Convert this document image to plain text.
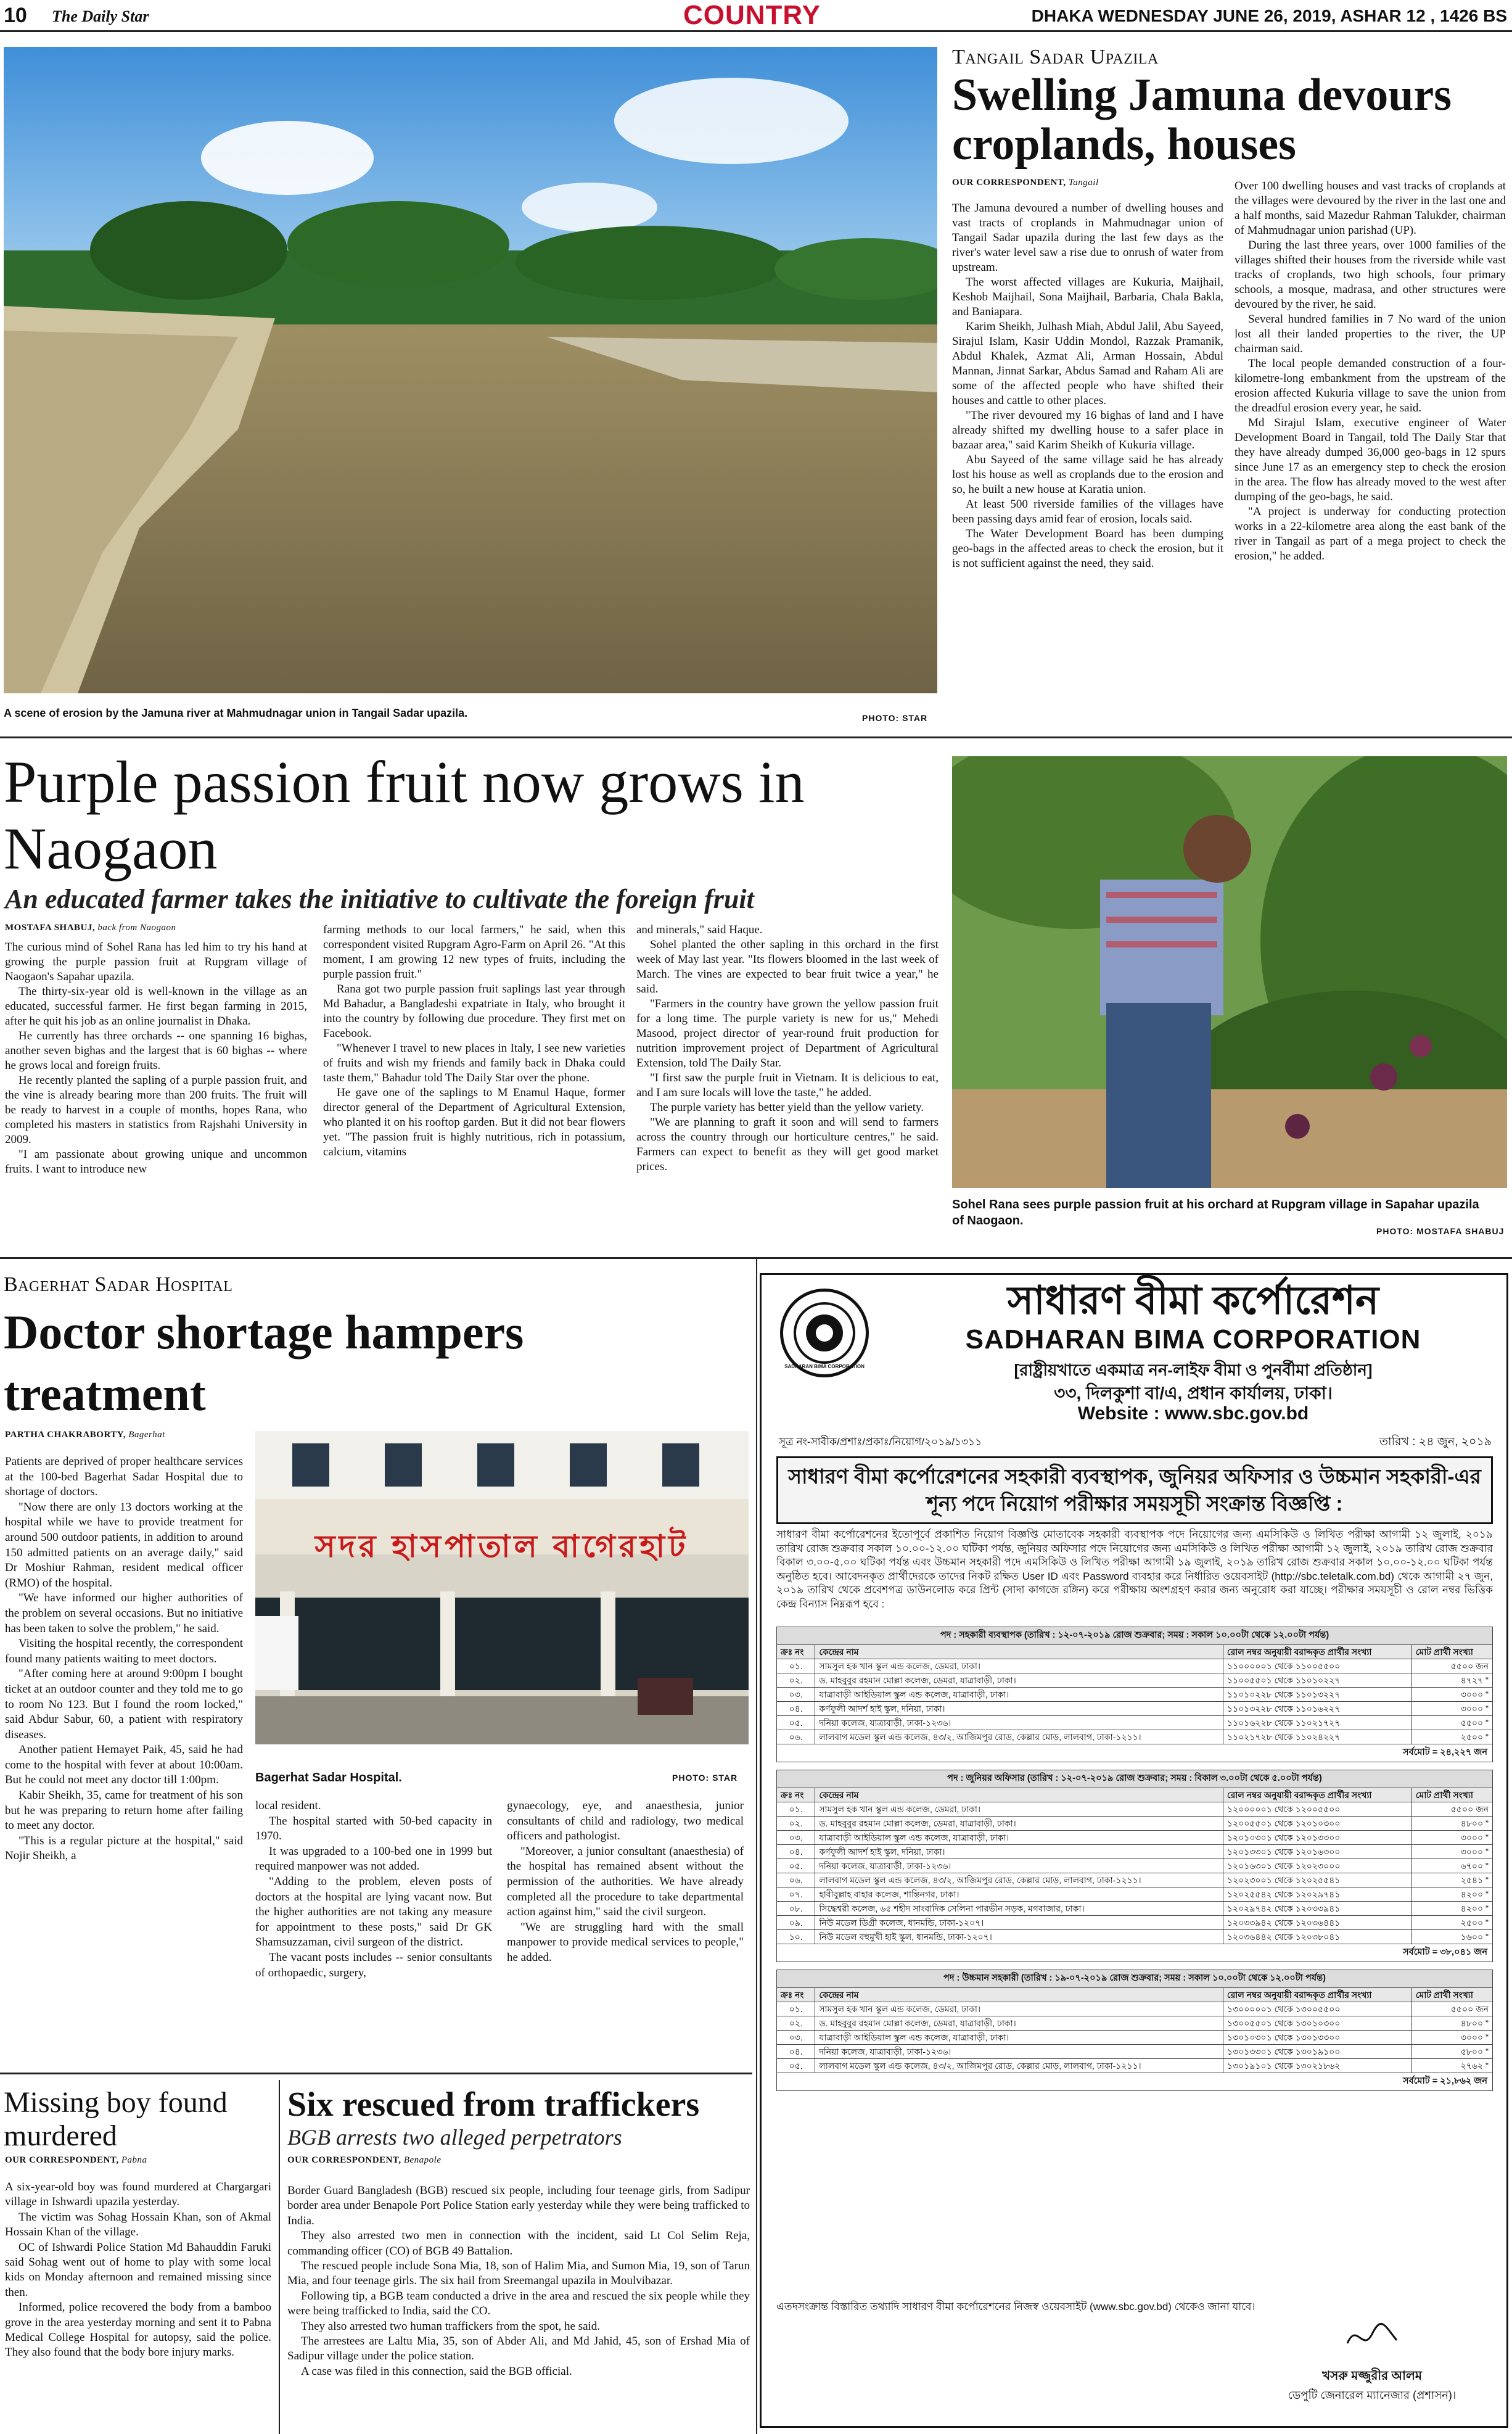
10 The Daily Star	COUNTRY	DHAKA WEDNESDAY JUNE 26, 2019, ASHAR 12 , 1426 BS
A scene of erosion by the Jamuna river at Mahmudnagar union in Tangail Sadar upazila.	PHOTO: STAR
Tangail Sadar Upazila
Swelling Jamuna devours croplands, houses
OUR CORRESPONDENT, Tangail

The Jamuna devoured a number of dwelling houses and vast tracts of croplands in Mahmudnagar union of Tangail Sadar upazila during the last few days as the river's water level saw a rise due to onrush of water from upstream.

The worst affected villages are Kukuria, Maijhail, Keshob Maijhail, Sona Maijhail, Barbaria, Chala Bakla, and Baniapara.

Karim Sheikh, Julhash Miah, Abdul Jalil, Abu Sayeed, Sirajul Islam, Kasir Uddin Mondol, Razzak Pramanik, Abdul Khalek, Azmat Ali, Arman Hossain, Abdul Mannan, Jinnat Sarkar, Abdus Samad and Raham Ali are some of the affected people who have shifted their houses and cattle to other places.

"The river devoured my 16 bighas of land and I have already shifted my dwelling house to a safer place in bazaar area," said Karim Sheikh of Kukuria village.

Abu Sayeed of the same village said he has already lost his house as well as croplands due to the erosion and so, he built a new house at Karatia union.

At least 500 riverside families of the villages have been passing days amid fear of erosion, locals said.

The Water Development Board has been dumping geo-bags in the affected areas to check the erosion, but it is not sufficient against the need, they said.

Over 100 dwelling houses and vast tracks of croplands at the villages were devoured by the river in the last one and a half months, said Mazedur Rahman Talukder, chairman of Mahmudnagar union parishad (UP).

During the last three years, over 1000 families of the villages shifted their houses from the riverside while vast tracks of croplands, two high schools, four primary schools, a mosque, madrasa, and other structures were devoured by the river, he said.

Several hundred families in 7 No ward of the union lost all their landed properties to the river, the UP chairman said.

The local people demanded construction of a four-kilometre-long embankment from the upstream of the erosion affected Kukuria village to save the union from the dreadful erosion every year, he said.

Md Sirajul Islam, executive engineer of Water Development Board in Tangail, told The Daily Star that they have already dumped 36,000 geo-bags in 12 spurs since June 17 as an emergency step to check the erosion in the area. The flow has already moved to the west after dumping of the geo-bags, he said.

"A project is underway for conducting protection works in a 22-kilometre area along the east bank of the river in Tangail as part of a mega project to check the erosion," he added.

Purple passion fruit now grows in Naogaon
An educated farmer takes the initiative to cultivate the foreign fruit
MOSTAFA SHABUJ, back from Naogaon

The curious mind of Sohel Rana has led him to try his hand at growing the purple passion fruit at Rupgram village of Naogaon's Sapahar upazila.

The thirty-six-year old is well-known in the village as an educated, successful farmer. He first began farming in 2015, after he quit his job as an online journalist in Dhaka.

He currently has three orchards -- one spanning 16 bighas, another seven bighas and the largest that is 60 bighas -- where he grows local and foreign fruits.

He recently planted the sapling of a purple passion fruit, and the vine is already bearing more than 200 fruits. The fruit will be ready to harvest in a couple of months, hopes Rana, who completed his masters in statistics from Rajshahi University in 2009.

"I am passionate about growing unique and uncommon fruits. I want to introduce new

farming methods to our local farmers," he said, when this correspondent visited Rupgram Agro-Farm on April 26. "At this moment, I am growing 12 new types of fruits, including the purple passion fruit."

Rana got two purple passion fruit saplings last year through Md Bahadur, a Bangladeshi expatriate in Italy, who brought it into the country by following due procedure. They first met on Facebook.

"Whenever I travel to new places in Italy, I see new varieties of fruits and wish my friends and family back in Dhaka could taste them," Bahadur told The Daily Star over the phone.

He gave one of the saplings to M Enamul Haque, former director general of the Department of Agricultural Extension, who planted it on his rooftop garden. But it did not bear flowers yet. "The passion fruit is highly nutritious, rich in potassium, calcium, vitamins

and minerals," said Haque.

Sohel planted the other sapling in this orchard in the first week of May last year. "Its flowers bloomed in the last week of March. The vines are expected to bear fruit twice a year," he said.

"Farmers in the country have grown the yellow passion fruit for a long time. The purple variety is new for us," Mehedi Masood, project director of year-round fruit production for nutrition improvement project of Department of Agricultural Extension, told The Daily Star.

"I first saw the purple fruit in Vietnam. It is delicious to eat, and I am sure locals will love the taste," he added.

The purple variety has better yield than the yellow variety.

"We are planning to graft it soon and will send to farmers across the country through our horticulture centres," he said. Farmers can expect to benefit as they will get good market prices.

Sohel Rana sees purple passion fruit at his orchard at Rupgram village in Sapahar upazila of Naogaon.
PHOTO: MOSTAFA SHABUJ
Bagerhat Sadar Hospital
Doctor shortage hampers treatment
PARTHA CHAKRABORTY, Bagerhat

Patients are deprived of proper healthcare services at the 100-bed Bagerhat Sadar Hospital due to shortage of doctors.

"Now there are only 13 doctors working at the hospital while we have to provide treatment for around 500 outdoor patients, in addition to around 150 admitted patients on an average daily," said Dr Moshiur Rahman, resident medical officer (RMO) of the hospital.

"We have informed our higher authorities of the problem on several occasions. But no initiative has been taken to solve the problem," he said.

Visiting the hospital recently, the correspondent found many patients waiting to meet doctors.

"After coming here at around 9:00pm I bought ticket at an outdoor counter and they told me to go to room No 123. But I found the room locked," said Abdur Sabur, 60, a patient with respiratory diseases.

Another patient Hemayet Paik, 45, said he had come to the hospital with fever at about 10:00am. But he could not meet any doctor till 1:00pm.

Kabir Sheikh, 35, came for treatment of his son but he was preparing to return home after failing to meet any doctor.

"This is a regular picture at the hospital," said Nojir Sheikh, a

সদর হাসপাতাল বাগেরহাট
Bagerhat Sadar Hospital.	PHOTO: STAR

local resident.

The hospital started with 50-bed capacity in 1970.

It was upgraded to a 100-bed one in 1999 but required manpower was not added.

"Adding to the problem, eleven posts of doctors at the hospital are lying vacant now. But the higher authorities are not taking any measure for appointment to these posts," said Dr GK Shamsuzzaman, civil surgeon of the district.

The vacant posts includes -- senior consultants of orthopaedic, surgery,

gynaecology, eye, and anaesthesia, junior consultants of child and radiology, two medical officers and pathologist.

"Moreover, a junior consultant (anaesthesia) of the hospital has remained absent without the permission of the authorities. We have already completed all the procedure to take departmental action against him," said the civil surgeon.

"We are struggling hard with the small manpower to provide medical services to people," he added.

Missing boy found murdered
OUR CORRESPONDENT, Pabna

A six-year-old boy was found murdered at Chargargari village in Ishwardi upazila yesterday.

The victim was Sohag Hossain Khan, son of Akmal Hossain Khan of the village.

OC of Ishwardi Police Station Md Bahauddin Faruki said Sohag went out of home to play with some local kids on Monday afternoon and remained missing since then.

Informed, police recovered the body from a bamboo grove in the area yesterday morning and sent it to Pabna Medical College Hospital for autopsy, said the police. They also found that the body bore injury marks.

Six rescued from traffickers
BGB arrests two alleged perpetrators
OUR CORRESPONDENT, Benapole

Border Guard Bangladesh (BGB) rescued six people, including four teenage girls, from Sadipur border area under Benapole Port Police Station early yesterday while they were being trafficked to India.

They also arrested two men in connection with the incident, said Lt Col Selim Reja, commanding officer (CO) of BGB 49 Battalion.

The rescued people include Sona Mia, 18, son of Halim Mia, and Sumon Mia, 19, son of Tarun Mia, and four teenage girls. The six hail from Sreemangal upazila in Moulvibazar.

Following tip, a BGB team conducted a drive in the area and rescued the six people while they were being trafficked to India, said the CO.

They also arrested two human traffickers from the spot, he said.

The arrestees are Laltu Mia, 35, son of Abder Ali, and Md Jahid, 45, son of Ershad Mia of Sadipur village under the police station.

A case was filed in this connection, said the BGB official.

SADHARAN BIMA CORPORATION
সাধারণ বীমা কর্পোরেশন
SADHARAN BIMA CORPORATION
[রাষ্ট্রীয়খাতে একমাত্র নন-লাইফ বীমা ও পুনর্বীমা প্রতিষ্ঠান]
৩৩, দিলকুশা বা/এ, প্রধান কার্যালয়, ঢাকা।
Website : www.sbc.gov.bd
সূত্র নং-সাবীক/প্রশাঃ/প্রকাঃ/নিয়োগ/২০১৯/১৩১১	তারিখ : ২৪ জুন, ২০১৯
সাধারণ বীমা কর্পোরেশনের সহকারী ব্যবস্থাপক, জুনিয়র অফিসার ও উচ্চমান সহকারী-এর শূন্য পদে নিয়োগ পরীক্ষার সময়সূচী সংক্রান্ত বিজ্ঞপ্তি :
সাধারণ বীমা কর্পোরেশনের ইতোপূর্বে প্রকাশিত নিয়োগ বিজ্ঞপ্তি মোতাবেক সহকারী ব্যবস্থাপক পদে নিয়োগের জন্য এমসিকিউ ও লিখিত পরীক্ষা আগামী ১২ জুলাই, ২০১৯ তারিখ রোজ শুক্রবার সকাল ১০.০০-১২.০০ ঘটিকা পর্যন্ত, জুনিয়র অফিসার পদে নিয়োগের জন্য এমসিকিউ ও লিখিত পরীক্ষা আগামী ১২ জুলাই, ২০১৯ তারিখ রোজ শুক্রবার বিকাল ৩.০০-৫.০০ ঘটিকা পর্যন্ত এবং উচ্চমান সহকারী পদে এমসিকিউ ও লিখিত পরীক্ষা আগামী ১৯ জুলাই, ২০১৯ তারিখ রোজ শুক্রবার সকাল ১০.০০-১২.০০ ঘটিকা পর্যন্ত অনুষ্ঠিত হবে। আবেদনকৃত প্রার্থীদেরকে তাদের নিকট রক্ষিত User ID এবং Password ব্যবহার করে নির্ধারিত ওয়েবসাইট (http://sbc.teletalk.com.bd) থেকে আগামী ২৭ জুন, ২০১৯ তারিখ থেকে প্রবেশপত্র ডাউনলোড করে প্রিন্ট (সাদা কাগজে রঙ্গিন) করে পরীক্ষায় অংশগ্রহণ করার জন্য অনুরোধ করা যাচ্ছে। পরীক্ষার সময়সূচী ও রোল নম্বর ভিত্তিক কেন্দ্র বিন্যাস নিম্নরূপ হবে :
পদ : সহকারী ব্যবস্থাপক (তারিখ : ১২-০৭-২০১৯ রোজ শুক্রবার; সময় : সকাল ১০.০০টা থেকে ১২.০০টা পর্যন্ত)
ক্রঃ নং	কেন্দ্রের নাম	রোল নম্বর অনুযায়ী বরাদ্দকৃত প্রার্থীর সংখ্যা	মোট প্রার্থী সংখ্যা
০১.	সামসুল হক খান স্কুল এন্ড কলেজ, ডেমরা, ঢাকা।	১১০০০০০১ থেকে ১১০০৫৫০০	৫৫০০ জন
০২.	ড. মাহবুবুর রহমান মোল্লা কলেজ, ডেমরা, যাত্রাবাড়ী, ঢাকা।	১১০০৫৫০১ থেকে ১১০১০২২৭	৪৭২৭ "
০৩.	যাত্রাবাড়ী আইডিয়াল স্কুল এন্ড কলেজ, যাত্রাবাড়ী, ঢাকা।	১১০১০২২৮ থেকে ১১০১৩২২৭	৩০০০ "
০৪.	কর্ণফুলী আদর্শ হাই স্কুল, দনিয়া, ঢাকা।	১১০১৩২২৮ থেকে ১১০১৬২২৭	৩০০০ "
০৫.	দনিয়া কলেজ, যাত্রাবাড়ী, ঢাকা-১২৩৬।	১১০১৬২২৮ থেকে ১১০২১৭২৭	৫৫০০ "
০৬.	লালবাগ মডেল স্কুল এন্ড কলেজ, ৪৩/২, আজিমপুর রোড, কেল্লার মোড়, লালবাগ, ঢাকা-১২১১।	১১০২১৭২৮ থেকে ১১০২৪২২৭	২৫০০ "
সর্বমোট = ২৪,২২৭ জন
পদ : জুনিয়র অফিসার (তারিখ : ১২-০৭-২০১৯ রোজ শুক্রবার; সময় : বিকাল ৩.০০টা থেকে ৫.০০টা পর্যন্ত)
ক্রঃ নং	কেন্দ্রের নাম	রোল নম্বর অনুযায়ী বরাদ্দকৃত প্রার্থীর সংখ্যা	মোট প্রার্থী সংখ্যা
০১.	সামসুল হক খান স্কুল এন্ড কলেজ, ডেমরা, ঢাকা।	১২০০০০০১ থেকে ১২০০৫৫০০	৫৫০০ জন
০২.	ড. মাহবুবুর রহমান মোল্লা কলেজ, ডেমরা, যাত্রাবাড়ী, ঢাকা।	১২০০৫৫০১ থেকে ১২০১০৩০০	৪৮০০ "
০৩.	যাত্রাবাড়ী আইডিয়াল স্কুল এন্ড কলেজ, যাত্রাবাড়ী, ঢাকা।	১২০১০৩০১ থেকে ১২০১৩৩০০	৩০০০ "
০৪.	কর্ণফুলী আদর্শ হাই স্কুল, দনিয়া, ঢাকা।	১২০১৩৩০১ থেকে ১২০১৬৩০০	৩০০০ "
০৫.	দনিয়া কলেজ, যাত্রাবাড়ী, ঢাকা-১২৩৬।	১২০১৬৩০১ থেকে ১২০২৩০০০	৬৭০০ "
০৬.	লালবাগ মডেল স্কুল এন্ড কলেজ, ৪৩/২, আজিমপুর রোড, কেল্লার মোড়, লালবাগ, ঢাকা-১২১১।	১২০২৩০০১ থেকে ১২০২৫৫৪১	২৫৪১ "
০৭.	হাবীবুল্লাহ বাহার কলেজ, শান্তিনগর, ঢাকা।	১২০২৫৫৪২ থেকে ১২০২৯৭৪১	৪২০০ "
০৮.	সিদ্ধেশ্বরী কলেজ, ৬৫ শহীদ সাংবাদিক সেলিনা পারভীন সড়ক, মগবাজার, ঢাকা।	১২০২৯৭৪২ থেকে ১২০৩৩৯৪১	৪২০০ "
০৯.	নিউ মডেল ডিগ্রী কলেজ, ধানমন্ডি, ঢাকা-১২০৭।	১২০৩৩৯৪২ থেকে ১২০৩৬৪৪১	২৫০০ "
১০.	নিউ মডেল বহুমুখী হাই স্কুল, ধানমন্ডি, ঢাকা-১২০৭।	১২০৩৬৪৪২ থেকে ১২০৩৮০৪১	১৬০০ "
সর্বমোট = ৩৮,০৪১ জন
পদ : উচ্চমান সহকারী (তারিখ : ১৯-০৭-২০১৯ রোজ শুক্রবার; সময় : সকাল ১০.০০টা থেকে ১২.০০টা পর্যন্ত)
ক্রঃ নং	কেন্দ্রের নাম	রোল নম্বর অনুযায়ী বরাদ্দকৃত প্রার্থীর সংখ্যা	মোট প্রার্থী সংখ্যা
০১.	সামসুল হক খান স্কুল এন্ড কলেজ, ডেমরা, ঢাকা।	১৩০০০০০১ থেকে ১৩০০৫৫০০	৫৫০০ জন
০২.	ড. মাহবুবুর রহমান মোল্লা কলেজ, ডেমরা, যাত্রাবাড়ী, ঢাকা।	১৩০০৫৫০১ থেকে ১৩০১০৩০০	৪৮০০ "
০৩.	যাত্রাবাড়ী আইডিয়াল স্কুল এন্ড কলেজ, যাত্রাবাড়ী, ঢাকা।	১৩০১০৩০১ থেকে ১৩০১৩৩০০	৩০০০ "
০৪.	দনিয়া কলেজ, যাত্রাবাড়ী, ঢাকা-১২৩৬।	১৩০১৩৩০১ থেকে ১৩০১৯১০০	৫৮০০ "
০৫.	লালবাগ মডেল স্কুল এন্ড কলেজ, ৪৩/২, আজিমপুর রোড, কেল্লার মোড়, লালবাগ, ঢাকা-১২১১।	১৩০১৯১০১ থেকে ১৩০২১৮৬২	২৭৬২ "
সর্বমোট = ২১,৮৬২ জন
এতদসংক্রান্ত বিস্তারিত তথ্যাদি সাধারণ বীমা কর্পোরেশনের নিজস্ব ওয়েবসাইট (www.sbc.gov.bd) থেকেও জানা যাবে।
খসরু মজ্জুরীর আলম
ডেপুটি জেনারেল ম্যানেজার (প্রশাসন)।
